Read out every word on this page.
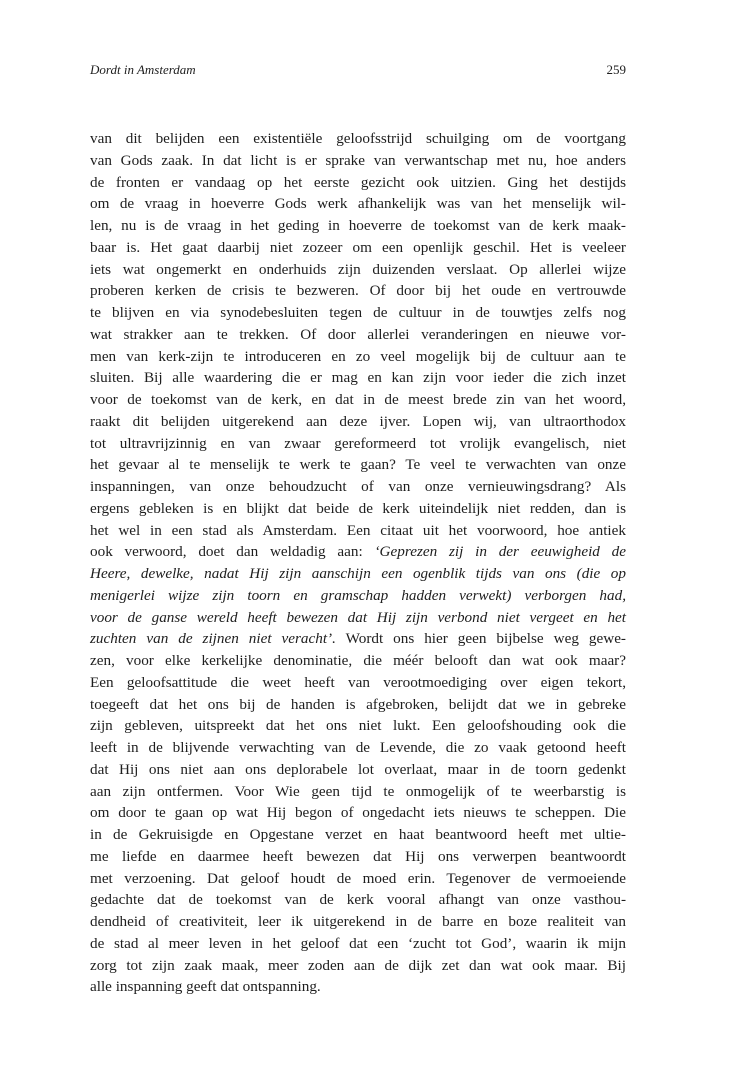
Dordt in Amsterdam	259
van dit belijden een existentiële geloofsstrijd schuilging om de voortgang
van Gods zaak. In dat licht is er sprake van verwantschap met nu, hoe anders
de fronten er vandaag op het eerste gezicht ook uitzien. Ging het destijds
om de vraag in hoeverre Gods werk afhankelijk was van het menselijk wil-
len, nu is de vraag in het geding in hoeverre de toekomst van de kerk maak-
baar is. Het gaat daarbij niet zozeer om een openlijk geschil. Het is veeleer
iets wat ongemerkt en onderhuids zijn duizenden verslaat. Op allerlei wijze
proberen kerken de crisis te bezweren. Of door bij het oude en vertrouwde
te blijven en via synodebesluiten tegen de cultuur in de touwtjes zelfs nog
wat strakker aan te trekken. Of door allerlei veranderingen en nieuwe vor-
men van kerk-zijn te introduceren en zo veel mogelijk bij de cultuur aan te
sluiten. Bij alle waardering die er mag en kan zijn voor ieder die zich inzet
voor de toekomst van de kerk, en dat in de meest brede zin van het woord,
raakt dit belijden uitgerekend aan deze ijver. Lopen wij, van ultraorthodox
tot ultravrijzinnig en van zwaar gereformeerd tot vrolijk evangelisch, niet
het gevaar al te menselijk te werk te gaan? Te veel te verwachten van onze
inspanningen, van onze behoudzucht of van onze vernieuwingsdrang? Als
ergens gebleken is en blijkt dat beide de kerk uiteindelijk niet redden, dan is
het wel in een stad als Amsterdam. Een citaat uit het voorwoord, hoe antiek
ook verwoord, doet dan weldadig aan: ‘Geprezen zij in der eeuwigheid de
Heere, dewelke, nadat Hij zijn aanschijn een ogenblik tijds van ons (die op
menigerlei wijze zijn toorn en gramschap hadden verwekt) verborgen had,
voor de ganse wereld heeft bewezen dat Hij zijn verbond niet vergeet en het
zuchten van de zijnen niet veracht’. Wordt ons hier geen bijbelse weg gewe-
zen, voor elke kerkelijke denominatie, die méér belooft dan wat ook maar?
Een geloofsattitude die weet heeft van verootmoediging over eigen tekort,
toegeeft dat het ons bij de handen is afgebroken, belijdt dat we in gebreke
zijn gebleven, uitspreekt dat het ons niet lukt. Een geloofshouding ook die
leeft in de blijvende verwachting van de Levende, die zo vaak getoond heeft
dat Hij ons niet aan ons deplorabele lot overlaat, maar in de toorn gedenkt
aan zijn ontfermen. Voor Wie geen tijd te onmogelijk of te weerbarstig is
om door te gaan op wat Hij begon of ongedacht iets nieuws te scheppen. Die
in de Gekruisigde en Opgestane verzet en haat beantwoord heeft met ultie-
me liefde en daarmee heeft bewezen dat Hij ons verwerpen beantwoordt
met verzoening. Dat geloof houdt de moed erin. Tegenover de vermoeiende
gedachte dat de toekomst van de kerk vooral afhangt van onze vasthou-
dendheid of creativiteit, leer ik uitgerekend in de barre en boze realiteit van
de stad al meer leven in het geloof dat een ‘zucht tot God’, waarin ik mijn
zorg tot zijn zaak maak, meer zoden aan de dijk zet dan wat ook maar. Bij
alle inspanning geeft dat ontspanning.
